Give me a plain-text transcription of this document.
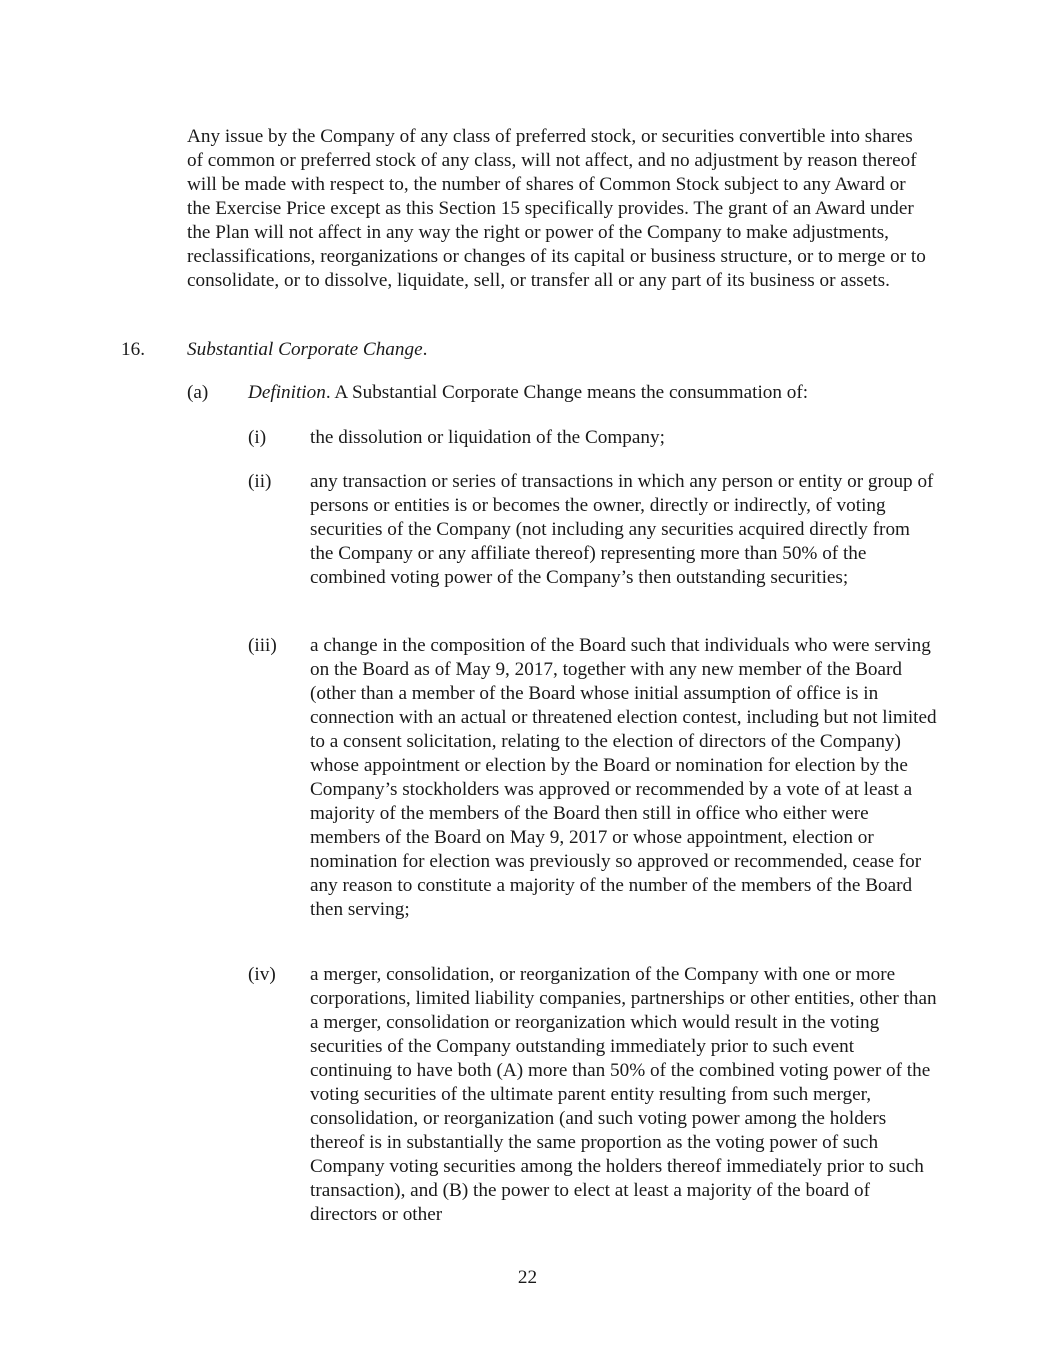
Any issue by the Company of any class of preferred stock, or securities convertible into shares of common or preferred stock of any class, will not affect, and no adjustment by reason thereof will be made with respect to, the number of shares of Common Stock subject to any Award or the Exercise Price except as this Section 15 specifically provides. The grant of an Award under the Plan will not affect in any way the right or power of the Company to make adjustments, reclassifications, reorganizations or changes of its capital or business structure, or to merge or to consolidate, or to dissolve, liquidate, sell, or transfer all or any part of its business or assets.

16. Substantial Corporate Change.
(a) Definition. A Substantial Corporate Change means the consummation of:
(i) the dissolution or liquidation of the Company;
(ii) any transaction or series of transactions in which any person or entity or group of persons or entities is or becomes the owner, directly or indirectly, of voting securities of the Company (not including any securities acquired directly from the Company or any affiliate thereof) representing more than 50% of the combined voting power of the Company’s then outstanding securities;
(iii) a change in the composition of the Board such that individuals who were serving on the Board as of May 9, 2017, together with any new member of the Board (other than a member of the Board whose initial assumption of office is in connection with an actual or threatened election contest, including but not limited to a consent solicitation, relating to the election of directors of the Company) whose appointment or election by the Board or nomination for election by the Company’s stockholders was approved or recommended by a vote of at least a majority of the members of the Board then still in office who either were members of the Board on May 9, 2017 or whose appointment, election or nomination for election was previously so approved or recommended, cease for any reason to constitute a majority of the number of the members of the Board then serving;
(iv) a merger, consolidation, or reorganization of the Company with one or more corporations, limited liability companies, partnerships or other entities, other than a merger, consolidation or reorganization which would result in the voting securities of the Company outstanding immediately prior to such event continuing to have both (A) more than 50% of the combined voting power of the voting securities of the ultimate parent entity resulting from such merger, consolidation, or reorganization (and such voting power among the holders thereof is in substantially the same proportion as the voting power of such Company voting securities among the holders thereof immediately prior to such transaction), and (B) the power to elect at least a majority of the board of directors or other
22
